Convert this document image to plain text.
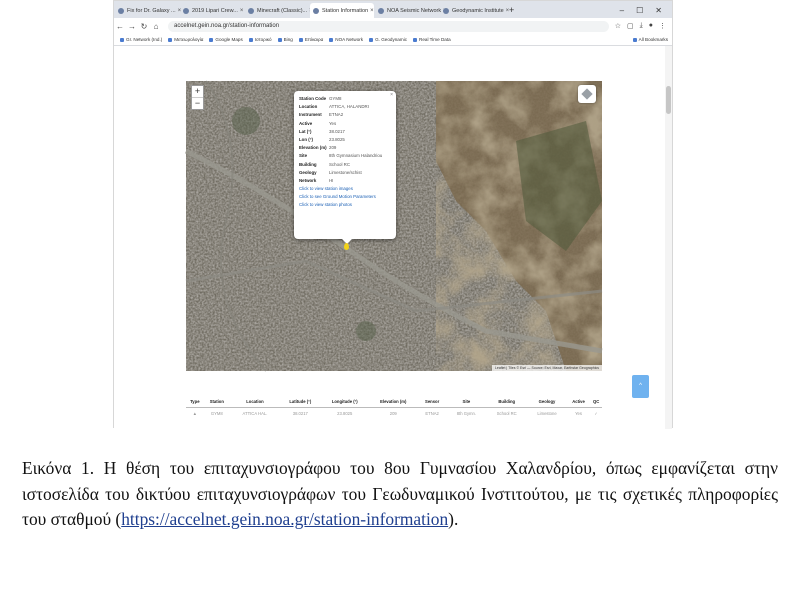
Fix for Dr. Galaxy ... × 2019 Lipari Crew... × Minecraft (Classic)...	Station Information × NOA Seismic Network Geodynamic Institute × +	– ☐ ✕
← → ↻ ⌂	accelnet.gein.noa.gr/station-information	☆ ▢ ⤓ ● ⋮
Gr. Network (Ind.)	Μετεωρολογία	Google Maps	Ιστορικό	Bing	Επίκαιρα	NOA Network	G. Geodynamic	Real Time Data	All Bookmarks
+
−
×
Station Code GYM8
Location	ATTICA, HALANDRI
Instrument	ETNA2
Active	Yes
Lat (°)	38.0217
Lon (°)	23.8025
Elevation (m) 209
Site	8th Gymnasium Halandriou
Building	School RC
Geology	Limestone/schist
Network	HI
Click to view station images
Click to see Ground Motion Parameters
Click to view station photos
Leaflet | Tiles © Esri — Source: Esri, Maxar, Earthstar Geographics
Type	Station	Location	Latitude (°)	Longitude (°)	Elevation (m)	Sensor	Site	Building	Geology	Active	QC
▲	GYM8	ATTICA HAL.	38.0217	23.8025	209	ETNA2	8th Gymn.	School RC	Limestone	Yes	✓
^

Εικόνα 1. Η θέση του επιταχυνσιογράφου του 8ου Γυμνασίου Χαλανδρίου, όπως εμφανίζεται στην ιστοσελίδα του δικτύου επιταχυνσιογράφων του Γεωδυναμικού Ινστιτούτου, με τις σχετικές πληροφορίες του σταθμού (https://accelnet.gein.noa.gr/station-information).
